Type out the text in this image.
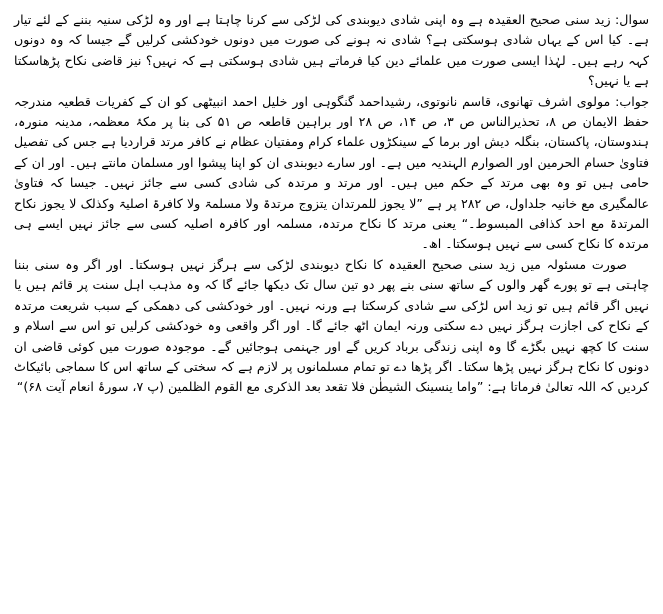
سوال: زید سنی صحیح العقیدہ ہے وہ اپنی شادی دیوبندی کی لڑکی سے کرنا چاہتا ہے اور وہ لڑکی سنیہ بننے کے لئے تیار ہے۔ کیا اس کے یہاں شادی ہوسکتی ہے؟ شادی نہ ہونے کی صورت میں دونوں خودکشی کرلیں گے جیسا کہ وہ دونوں کہہ رہے ہیں۔ لہٰذا ایسی صورت میں علمائے دین کیا فرماتے ہیں شادی ہوسکتی ہے کہ نہیں؟ نیز قاضی نکاح پڑھاسکتا ہے یا نہیں؟

جواب: مولوی اشرف تھانوی، قاسم نانوتوی، رشیداحمد گنگوہی اور خلیل احمد انبیٹھی کو ان کے کفریات قطعیہ مندرجہ حفظ الایمان ص ۸، تحذیرالناس ص ۳، ص ۱۴، ص ۲۸ اور براہین قاطعہ ص ۵۱ کی بنا پر مکۂ معظمہ، مدینہ منورہ، ہندوستان، پاکستان، بنگلہ دیش اور برما کے سینکڑوں علماء کرام ومفتیان عظام نے کافر مرتد قراردیا ہے جس کی تفصیل فتاویٰ حسام الحرمین اور الصوارم الہندیہ میں ہے۔ اور سارے دیوبندی ان کو اپنا پیشوا اور مسلمان مانتے ہیں۔ اور ان کے حامی ہیں تو وہ بھی مرتد کے حکم میں ہیں۔ اور مرتد و مرتدہ کی شادی کسی سے جائز نہیں۔ جیسا کہ فتاویٰ عالمگیری مع خانیہ جلداول، ص ۲۸۲ پر ہے ”لا یجوز للمرتدان یتزوج مرتدۃ ولا مسلمۃ ولا کافرۃ اصلیۃ وکذلک لا یجوز نکاح المرتدۃ مع احد کذافی المبسوط۔“ یعنی مرتد کا نکاح مرتدہ، مسلمہ اور کافرہ اصلیہ کسی سے جائز نہیں ایسے ہی مرتدہ کا نکاح کسی سے نہیں ہوسکتا۔ اھ۔

صورت مسئولہ میں زید سنی صحیح العقیدہ کا نکاح دیوبندی لڑکی سے ہرگز نہیں ہوسکتا۔ اور اگر وہ سنی بننا چاہتی ہے تو پورے گھر والوں کے ساتھ سنی بنے پھر دو تین سال تک دیکھا جائے گا کہ وہ مذہب اہل سنت پر قائم ہیں یا نہیں اگر قائم ہیں تو زید اس لڑکی سے شادی کرسکتا ہے ورنہ نہیں۔ اور خودکشی کی دھمکی کے سبب شریعت مرتدہ کے نکاح کی اجازت ہرگز نہیں دے سکتی ورنہ ایمان اٹھ جائے گا۔ اور اگر واقعی وہ خودکشی کرلیں تو اس سے اسلام و سنت کا کچھ نہیں بگڑے گا وہ اپنی زندگی برباد کریں گے اور جہنمی ہوجائیں گے۔ موجودہ صورت میں کوئی قاضی ان دونوں کا نکاح ہرگز نہیں پڑھا سکتا۔ اگر پڑھا دے تو تمام مسلمانوں پر لازم ہے کہ سختی کے ساتھ اس کا سماجی بائیکاٹ کردیں کہ اللہ تعالیٰ فرماتا ہے: ”واما ینسینک الشیطٰن فلا تقعد بعد الذکری مع القوم الظلمین (پ ۷، سورۂ انعام آیت ۶۸)“
